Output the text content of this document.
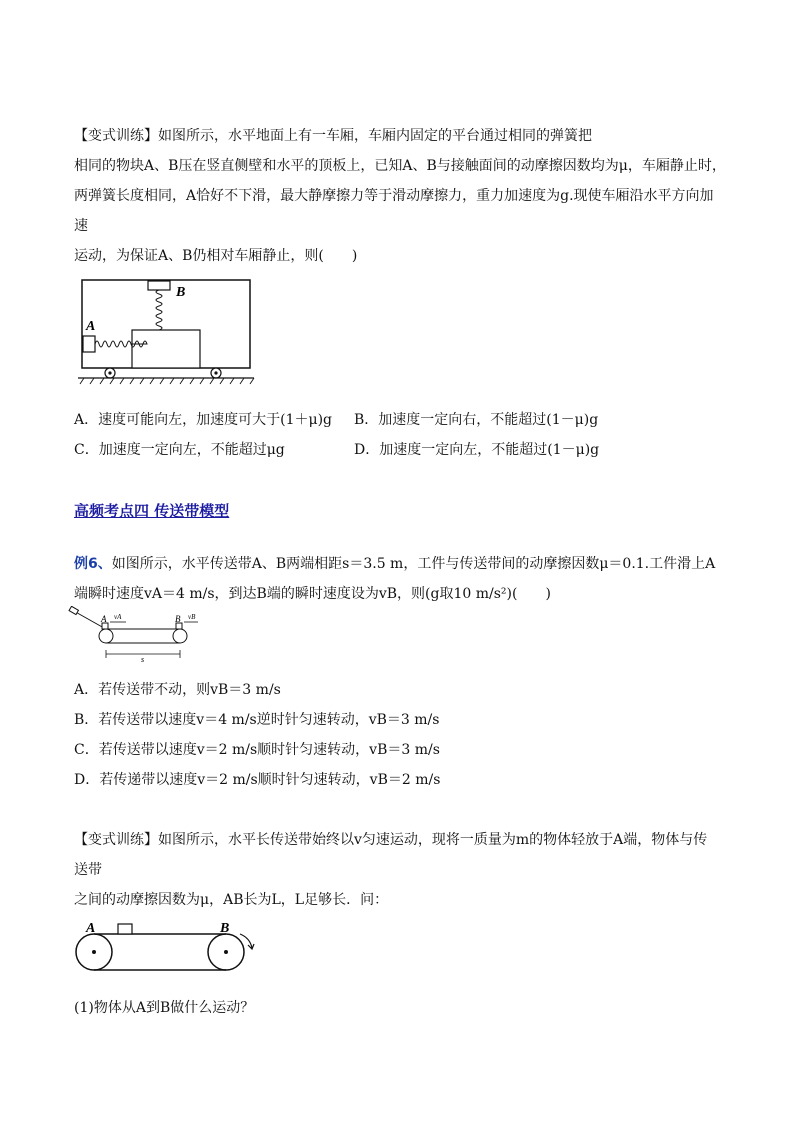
【变式训练】如图所示，水平地面上有一车厢，车厢内固定的平台通过相同的弹簧把
相同的物块A、B压在竖直侧壁和水平的顶板上，已知A、B与接触面间的动摩擦因数均为μ，车厢静止时，
两弹簧长度相同，A恰好不下滑，最大静摩擦力等于滑动摩擦力，重力加速度为g.现使车厢沿水平方向加
速
运动，为保证A、B仍相对车厢静止，则(　　)
B
A
A．速度可能向左，加速度可大于(1＋μ)g B．加速度一定向右，不能超过(1－μ)g
C．加速度一定向左，不能超过μg	D．加速度一定向左，不能超过(1－μ)g
高频考点四 传送带模型
例6、如图所示，水平传送带A、B两端相距s＝3.5 m，工件与传送带间的动摩擦因数μ＝0.1.工件滑上A
端瞬时速度vA＝4 m/s，到达B端的瞬时速度设为vB，则(g取10 m/s²)(　　)
A	B
vA	vB
s
A．若传送带不动，则vB＝3 m/s
B．若传送带以速度v＝4 m/s逆时针匀速转动，vB＝3 m/s
C．若传送带以速度v＝2 m/s顺时针匀速转动，vB＝3 m/s
D．若传递带以速度v＝2 m/s顺时针匀速转动，vB＝2 m/s
【变式训练】如图所示，水平长传送带始终以v匀速运动，现将一质量为m的物体轻放于A端，物体与传
送带
之间的动摩擦因数为μ，AB长为L，L足够长．问：
A	B
(1)物体从A到B做什么运动？
